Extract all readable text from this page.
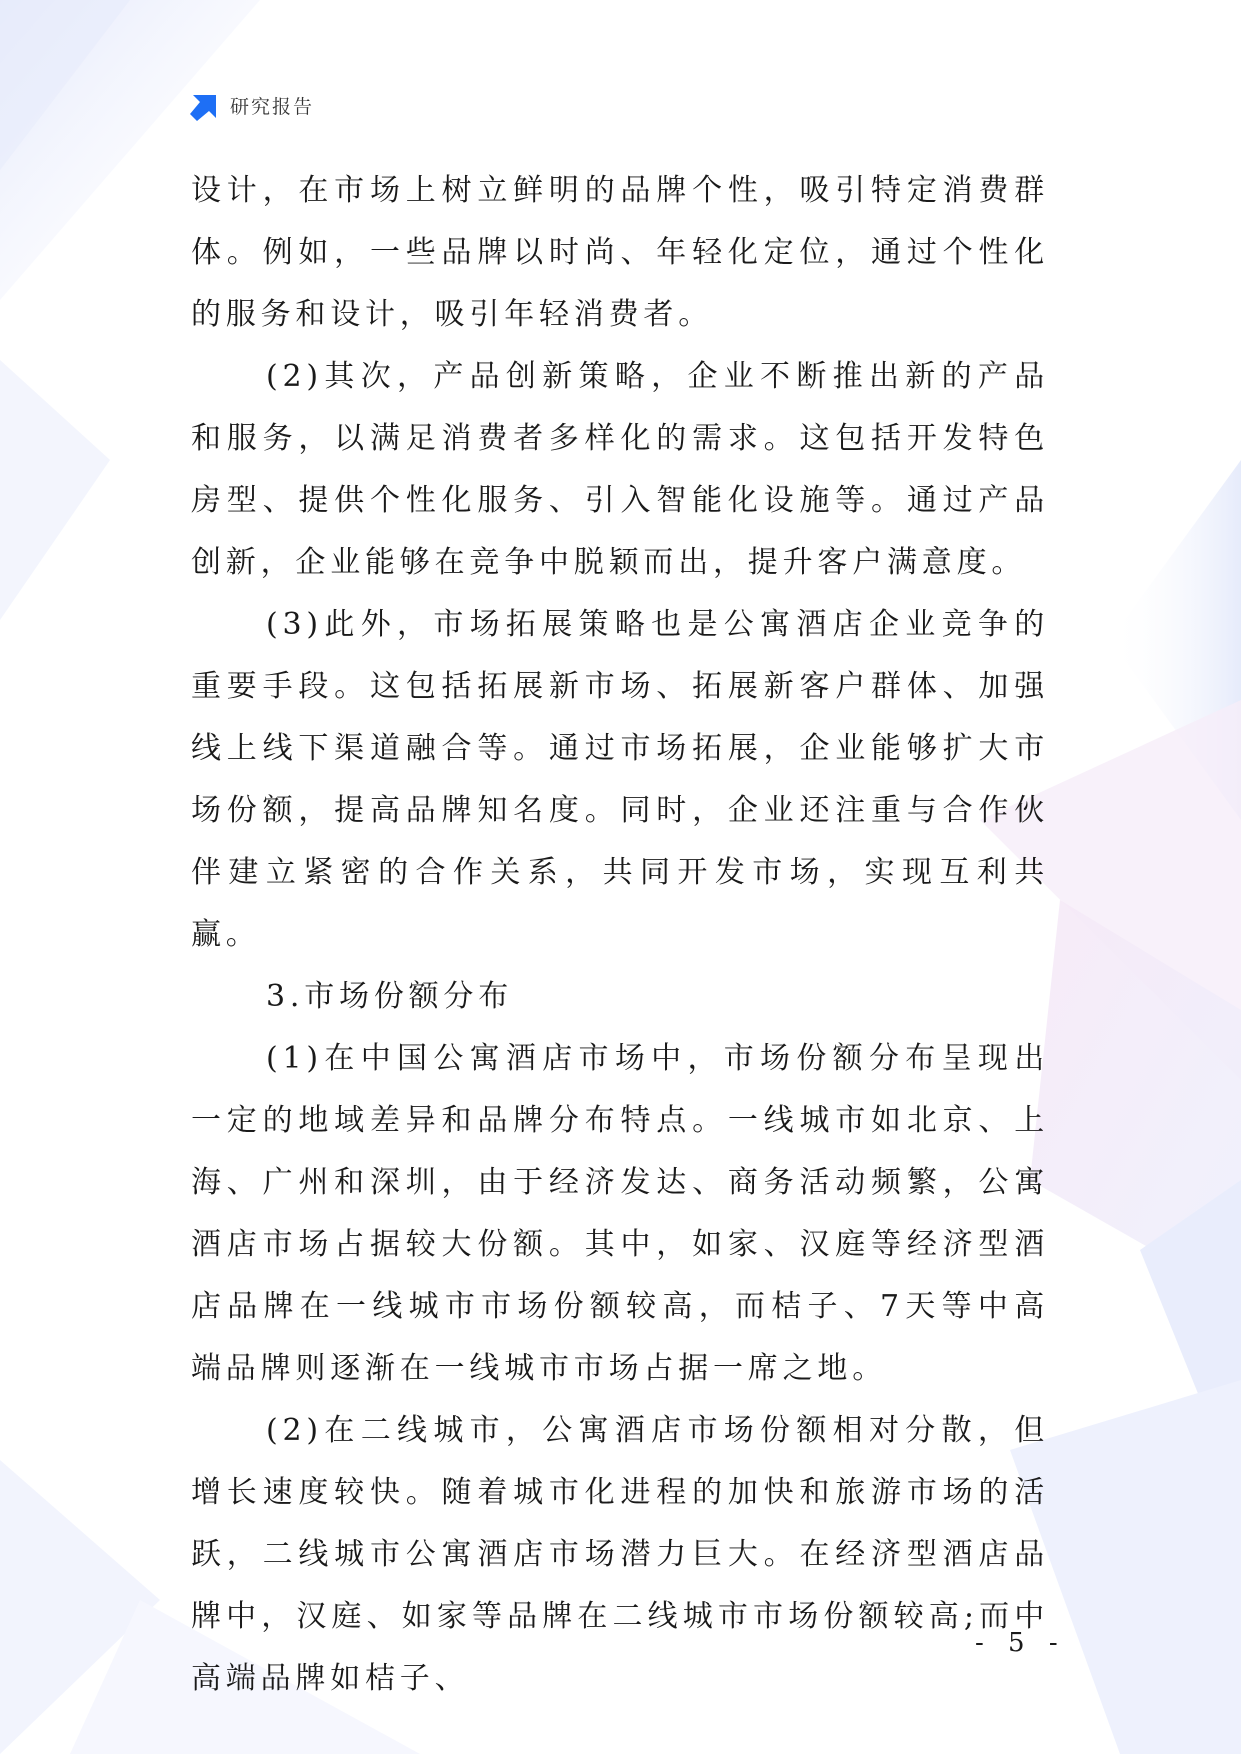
研究报告

设计，在市场上树立鲜明的品牌个性，吸引特定消费群体。例如，一些品牌以时尚、年轻化定位，通过个性化的服务和设计，吸引年轻消费者。

(2)其次，产品创新策略，企业不断推出新的产品和服务，以满足消费者多样化的需求。这包括开发特色房型、提供个性化服务、引入智能化设施等。通过产品创新，企业能够在竞争中脱颖而出，提升客户满意度。

(3)此外，市场拓展策略也是公寓酒店企业竞争的重要手段。这包括拓展新市场、拓展新客户群体、加强线上线下渠道融合等。通过市场拓展，企业能够扩大市场份额，提高品牌知名度。同时，企业还注重与合作伙伴建立紧密的合作关系，共同开发市场，实现互利共赢。

3.市场份额分布

(1)在中国公寓酒店市场中，市场份额分布呈现出一定的地域差异和品牌分布特点。一线城市如北京、上海、广州和深圳，由于经济发达、商务活动频繁，公寓酒店市场占据较大份额。其中，如家、汉庭等经济型酒店品牌在一线城市市场份额较高，而桔子、7天等中高端品牌则逐渐在一线城市市场占据一席之地。

(2)在二线城市，公寓酒店市场份额相对分散，但增长速度较快。随着城市化进程的加快和旅游市场的活跃，二线城市公寓酒店市场潜力巨大。在经济型酒店品牌中，汉庭、如家等品牌在二线城市市场份额较高;而中高端品牌如桔子、

- 5 -
